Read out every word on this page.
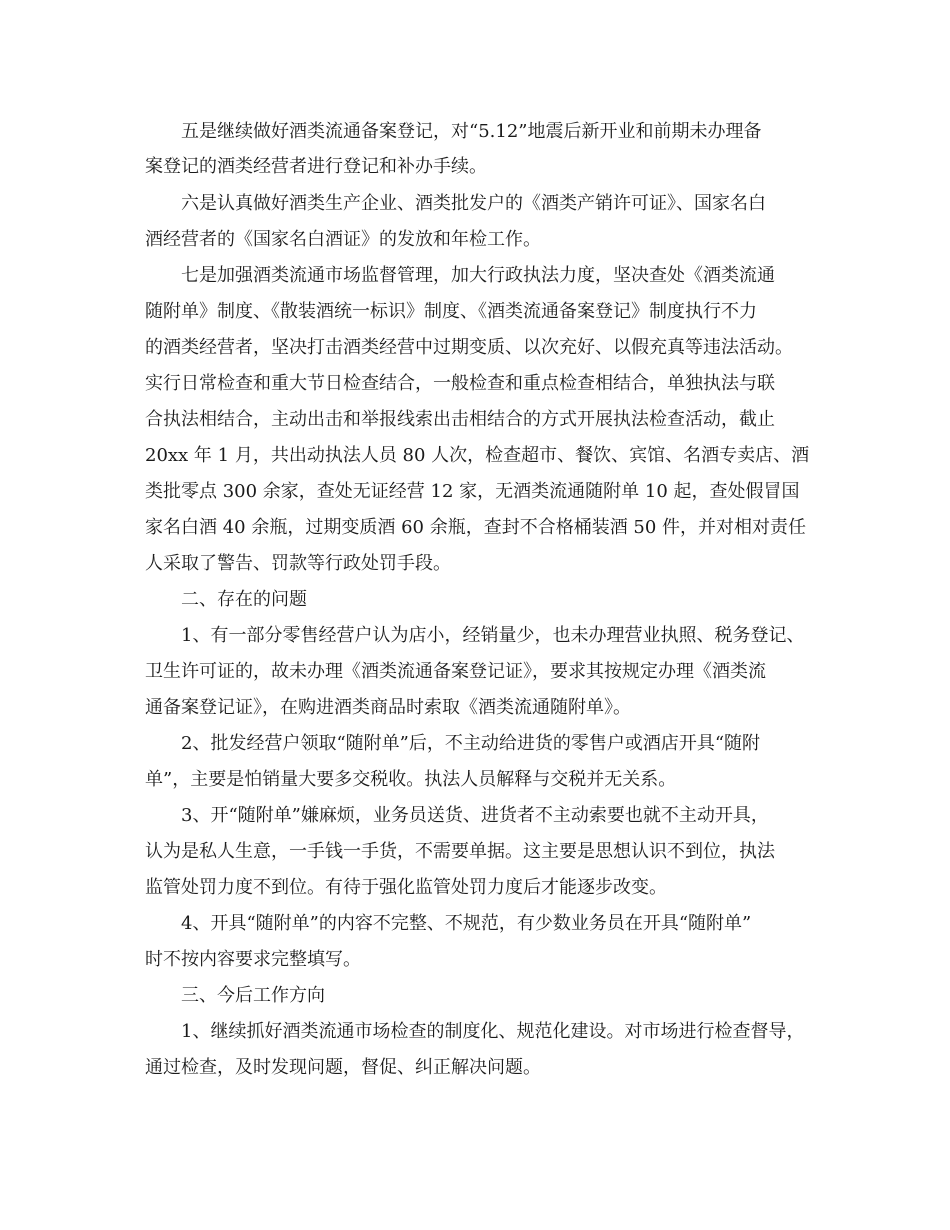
五是继续做好酒类流通备案登记，对“5.12”地震后新开业和前期未办理备
案登记的酒类经营者进行登记和补办手续。
六是认真做好酒类生产企业、酒类批发户的《酒类产销许可证》、国家名白
酒经营者的《国家名白酒证》的发放和年检工作。
七是加强酒类流通市场监督管理，加大行政执法力度，坚决查处《酒类流通
随附单》制度、《散装酒统一标识》制度、《酒类流通备案登记》制度执行不力
的酒类经营者，坚决打击酒类经营中过期变质、以次充好、以假充真等违法活动。
实行日常检查和重大节日检查结合，一般检查和重点检查相结合，单独执法与联
合执法相结合，主动出击和举报线索出击相结合的方式开展执法检查活动，截止
20xx 年 1 月，共出动执法人员 80 人次，检查超市、餐饮、宾馆、名酒专卖店、酒
类批零点 300 余家，查处无证经营 12 家，无酒类流通随附单 10 起，查处假冒国
家名白酒 40 余瓶，过期变质酒 60 余瓶，查封不合格桶装酒 50 件，并对相对责任
人采取了警告、罚款等行政处罚手段。
二、存在的问题
1、有一部分零售经营户认为店小，经销量少，也未办理营业执照、税务登记、
卫生许可证的，故未办理《酒类流通备案登记证》，要求其按规定办理《酒类流
通备案登记证》，在购进酒类商品时索取《酒类流通随附单》。
2、批发经营户领取“随附单”后，不主动给进货的零售户或酒店开具“随附
单”，主要是怕销量大要多交税收。执法人员解释与交税并无关系。
3、开“随附单”嫌麻烦，业务员送货、进货者不主动索要也就不主动开具，
认为是私人生意，一手钱一手货，不需要单据。这主要是思想认识不到位，执法
监管处罚力度不到位。有待于强化监管处罚力度后才能逐步改变。
4、开具“随附单”的内容不完整、不规范，有少数业务员在开具“随附单”
时不按内容要求完整填写。
三、今后工作方向
1、继续抓好酒类流通市场检查的制度化、规范化建设。对市场进行检查督导，
通过检查，及时发现问题，督促、纠正解决问题。
